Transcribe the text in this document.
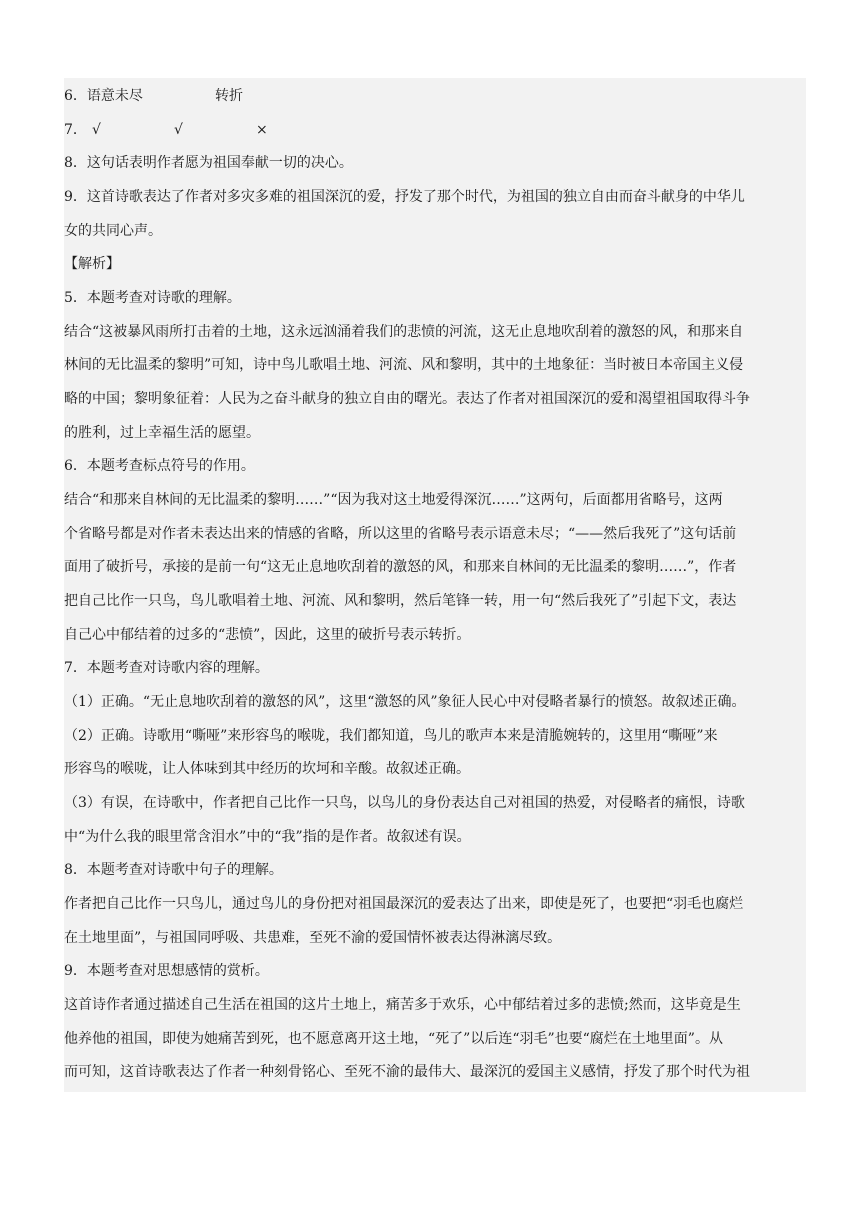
6．语意未尽	转折
7． √	√	×
8．这句话表明作者愿为祖国奉献一切的决心。
9．这首诗歌表达了作者对多灾多难的祖国深沉的爱，抒发了那个时代，为祖国的独立自由而奋斗献身的中华儿
女的共同心声。
【解析】
5．本题考查对诗歌的理解。
结合“这被暴风雨所打击着的土地，这永远汹涌着我们的悲愤的河流，这无止息地吹刮着的激怒的风，和那来自
林间的无比温柔的黎明”可知，诗中鸟儿歌唱土地、河流、风和黎明，其中的土地象征：当时被日本帝国主义侵
略的中国；黎明象征着：人民为之奋斗献身的独立自由的曙光。表达了作者对祖国深沉的爱和渴望祖国取得斗争
的胜利，过上幸福生活的愿望。
6．本题考查标点符号的作用。
结合“和那来自林间的无比温柔的黎明……”“因为我对这土地爱得深沉……”这两句，后面都用省略号，这两
个省略号都是对作者未表达出来的情感的省略，所以这里的省略号表示语意未尽；“——然后我死了”这句话前
面用了破折号，承接的是前一句“这无止息地吹刮着的激怒的风，和那来自林间的无比温柔的黎明……”，作者
把自己比作一只鸟，鸟儿歌唱着土地、河流、风和黎明，然后笔锋一转，用一句“然后我死了”引起下文，表达
自己心中郁结着的过多的“悲愤”，因此，这里的破折号表示转折。
7．本题考查对诗歌内容的理解。
（1）正确。“无止息地吹刮着的激怒的风”，这里“激怒的风”象征人民心中对侵略者暴行的愤怒。故叙述正确。
（2）正确。诗歌用“嘶哑”来形容鸟的喉咙，我们都知道，鸟儿的歌声本来是清脆婉转的，这里用“嘶哑”来
形容鸟的喉咙，让人体味到其中经历的坎坷和辛酸。故叙述正确。
（3）有误，在诗歌中，作者把自己比作一只鸟，以鸟儿的身份表达自己对祖国的热爱，对侵略者的痛恨，诗歌
中“为什么我的眼里常含泪水”中的“我”指的是作者。故叙述有误。
8．本题考查对诗歌中句子的理解。
作者把自己比作一只鸟儿，通过鸟儿的身份把对祖国最深沉的爱表达了出来，即使是死了，也要把“羽毛也腐烂
在土地里面”，与祖国同呼吸、共患难，至死不渝的爱国情怀被表达得淋漓尽致。
9．本题考查对思想感情的赏析。
这首诗作者通过描述自己生活在祖国的这片土地上，痛苦多于欢乐，心中郁结着过多的悲愤;然而，这毕竟是生
他养他的祖国，即使为她痛苦到死，也不愿意离开这土地，“死了”以后连“羽毛”也要“腐烂在土地里面”。从
而可知，这首诗歌表达了作者一种刻骨铭心、至死不渝的最伟大、最深沉的爱国主义感情，抒发了那个时代为祖
